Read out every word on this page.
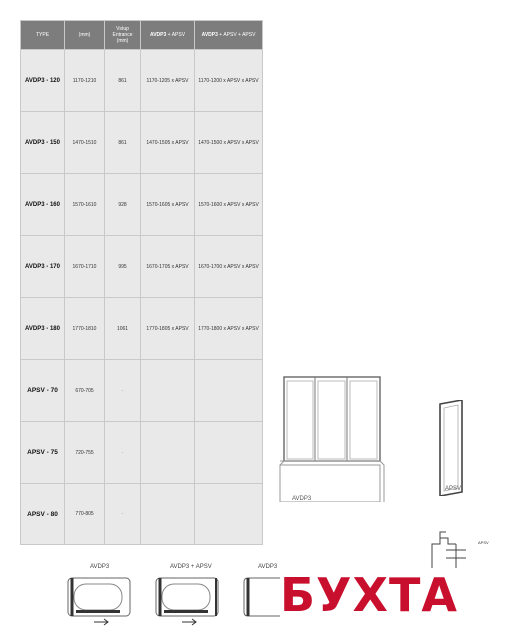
TYPE	(mm)	Vstup
Entrance
(mm)	AVDP3 + APSV	AVDP3 + APSV + APSV
AVDP3 - 120	1170-1210	861	1170-1205 x APSV	1170-1200 x APSV x APSV
AVDP3 - 150	1470-1510	861	1470-1505 x APSV	1470-1500 x APSV x APSV
AVDP3 - 160	1570-1610	928	1570-1605 x APSV	1570-1600 x APSV x APSV
AVDP3 - 170	1670-1710	995	1670-1705 x APSV	1670-1700 x APSV x APSV
AVDP3 - 180	1770-1810	1061	1770-1805 x APSV	1770-1800 x APSV x APSV
APSV - 70	670-705	-		
APSV - 75	720-755	-		
APSV - 80	770-805	-		
AVDP3
APSV
APSV
AVDP3	AVDP3 + APSV	AVDP3
БУХТА
